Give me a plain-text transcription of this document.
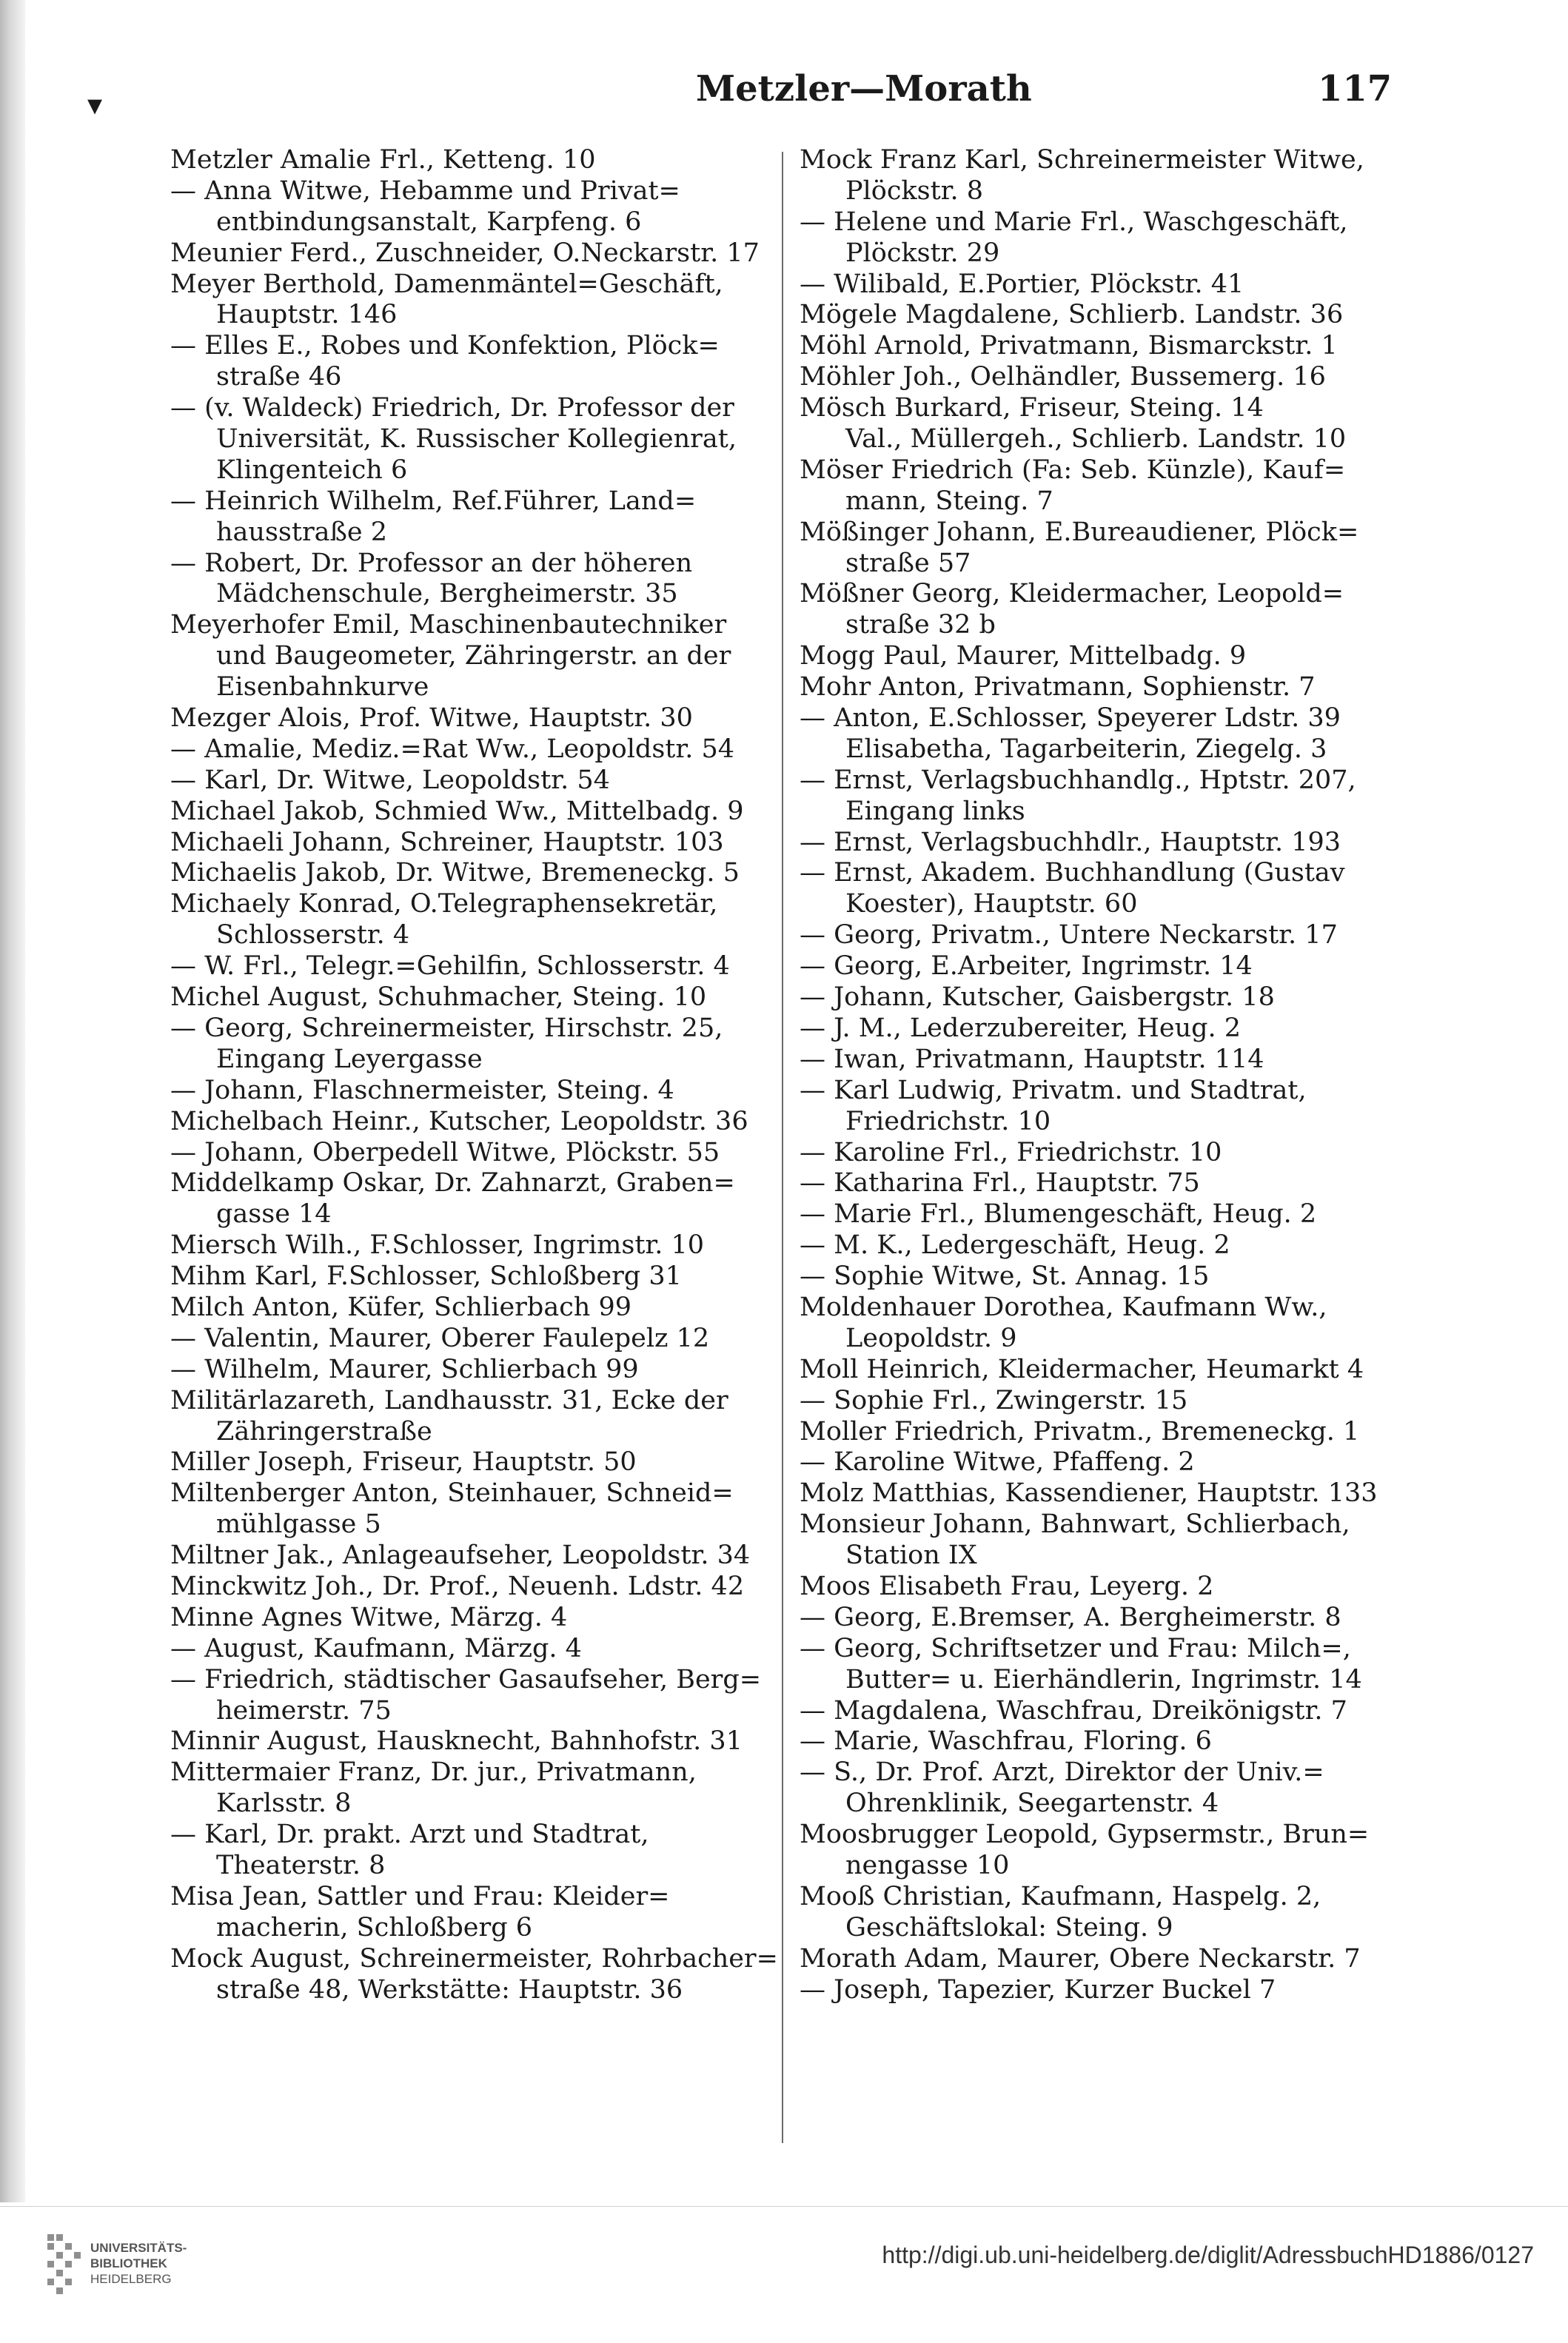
▾	Metzler—Morath	117
Metzler Amalie Frl., Ketteng. 10
— Anna Witwe, Hebamme und Privat=
entbindungsanstalt, Karpfeng. 6
Meunier Ferd., Zuschneider, O.Neckarstr. 17
Meyer Berthold, Damenmäntel=Geschäft,
Hauptstr. 146
— Elles E., Robes und Konfektion, Plöck=
straße 46
— (v. Waldeck) Friedrich, Dr. Professor der
Universität, K. Russischer Kollegienrat,
Klingenteich 6
— Heinrich Wilhelm, Ref.Führer, Land=
hausstraße 2
— Robert, Dr. Professor an der höheren
Mädchenschule, Bergheimerstr. 35
Meyerhofer Emil, Maschinenbautechniker
und Baugeometer, Zähringerstr. an der
Eisenbahnkurve
Mezger Alois, Prof. Witwe, Hauptstr. 30
— Amalie, Mediz.=Rat Ww., Leopoldstr. 54
— Karl, Dr. Witwe, Leopoldstr. 54
Michael Jakob, Schmied Ww., Mittelbadg. 9
Michaeli Johann, Schreiner, Hauptstr. 103
Michaelis Jakob, Dr. Witwe, Bremeneckg. 5
Michaely Konrad, O.Telegraphensekretär,
Schlosserstr. 4
— W. Frl., Telegr.=Gehilfin, Schlosserstr. 4
Michel August, Schuhmacher, Steing. 10
— Georg, Schreinermeister, Hirschstr. 25,
Eingang Leyergasse
— Johann, Flaschnermeister, Steing. 4
Michelbach Heinr., Kutscher, Leopoldstr. 36
— Johann, Oberpedell Witwe, Plöckstr. 55
Middelkamp Oskar, Dr. Zahnarzt, Graben=
gasse 14
Miersch Wilh., F.Schlosser, Ingrimstr. 10
Mihm Karl, F.Schlosser, Schloßberg 31
Milch Anton, Küfer, Schlierbach 99
— Valentin, Maurer, Oberer Faulepelz 12
— Wilhelm, Maurer, Schlierbach 99
Militärlazareth, Landhausstr. 31, Ecke der
Zähringerstraße
Miller Joseph, Friseur, Hauptstr. 50
Miltenberger Anton, Steinhauer, Schneid=
mühlgasse 5
Miltner Jak., Anlageaufseher, Leopoldstr. 34
Minckwitz Joh., Dr. Prof., Neuenh. Ldstr. 42
Minne Agnes Witwe, Märzg. 4
— August, Kaufmann, Märzg. 4
— Friedrich, städtischer Gasaufseher, Berg=
heimerstr. 75
Minnir August, Hausknecht, Bahnhofstr. 31
Mittermaier Franz, Dr. jur., Privatmann,
Karlsstr. 8
— Karl, Dr. prakt. Arzt und Stadtrat,
Theaterstr. 8
Misa Jean, Sattler und Frau: Kleider=
macherin, Schloßberg 6
Mock August, Schreinermeister, Rohrbacher=
straße 48, Werkstätte: Hauptstr. 36
Mock Franz Karl, Schreinermeister Witwe,
Plöckstr. 8
— Helene und Marie Frl., Waschgeschäft,
Plöckstr. 29
— Wilibald, E.Portier, Plöckstr. 41
Mögele Magdalene, Schlierb. Landstr. 36
Möhl Arnold, Privatmann, Bismarckstr. 1
Möhler Joh., Oelhändler, Bussemerg. 16
Mösch Burkard, Friseur, Steing. 14
Val., Müllergeh., Schlierb. Landstr. 10
Möser Friedrich (Fa: Seb. Künzle), Kauf=
mann, Steing. 7
Mößinger Johann, E.Bureaudiener, Plöck=
straße 57
Mößner Georg, Kleidermacher, Leopold=
straße 32 b
Mogg Paul, Maurer, Mittelbadg. 9
Mohr Anton, Privatmann, Sophienstr. 7
— Anton, E.Schlosser, Speyerer Ldstr. 39
Elisabetha, Tagarbeiterin, Ziegelg. 3
— Ernst, Verlagsbuchhandlg., Hptstr. 207,
Eingang links
— Ernst, Verlagsbuchhdlr., Hauptstr. 193
— Ernst, Akadem. Buchhandlung (Gustav
Koester), Hauptstr. 60
— Georg, Privatm., Untere Neckarstr. 17
— Georg, E.Arbeiter, Ingrimstr. 14
— Johann, Kutscher, Gaisbergstr. 18
— J. M., Lederzubereiter, Heug. 2
— Iwan, Privatmann, Hauptstr. 114
— Karl Ludwig, Privatm. und Stadtrat,
Friedrichstr. 10
— Karoline Frl., Friedrichstr. 10
— Katharina Frl., Hauptstr. 75
— Marie Frl., Blumengeschäft, Heug. 2
— M. K., Ledergeschäft, Heug. 2
— Sophie Witwe, St. Annag. 15
Moldenhauer Dorothea, Kaufmann Ww.,
Leopoldstr. 9
Moll Heinrich, Kleidermacher, Heumarkt 4
— Sophie Frl., Zwingerstr. 15
Moller Friedrich, Privatm., Bremeneckg. 1
— Karoline Witwe, Pfaffeng. 2
Molz Matthias, Kassendiener, Hauptstr. 133
Monsieur Johann, Bahnwart, Schlierbach,
Station IX
Moos Elisabeth Frau, Leyerg. 2
— Georg, E.Bremser, A. Bergheimerstr. 8
— Georg, Schriftsetzer und Frau: Milch=,
Butter= u. Eierhändlerin, Ingrimstr. 14
— Magdalena, Waschfrau, Dreikönigstr. 7
— Marie, Waschfrau, Floring. 6
— S., Dr. Prof. Arzt, Direktor der Univ.=
Ohrenklinik, Seegartenstr. 4
Moosbrugger Leopold, Gypsermstr., Brun=
nengasse 10
Mooß Christian, Kaufmann, Haspelg. 2,
Geschäftslokal: Steing. 9
Morath Adam, Maurer, Obere Neckarstr. 7
— Joseph, Tapezier, Kurzer Buckel 7
UNIVERSITÄTS-
BIBLIOTHEK
HEIDELBERG
http://digi.ub.uni-heidelberg.de/diglit/AdressbuchHD1886/0127
